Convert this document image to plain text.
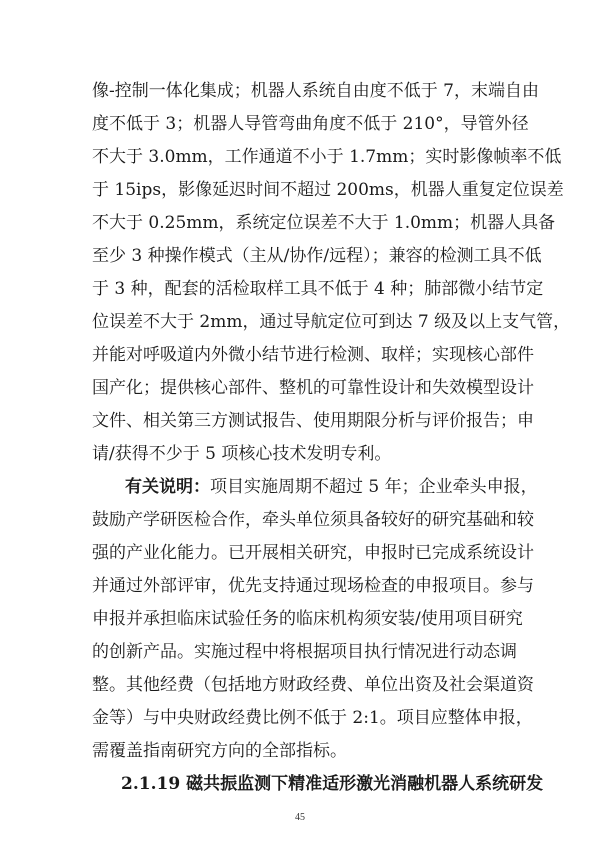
像-控制一体化集成；机器人系统自由度不低于 7，末端自由
度不低于 3；机器人导管弯曲角度不低于 210°，导管外径
不大于 3.0mm，工作通道不小于 1.7mm；实时影像帧率不低
于 15ips，影像延迟时间不超过 200ms，机器人重复定位误差
不大于 0.25mm，系统定位误差不大于 1.0mm；机器人具备
至少 3 种操作模式（主从/协作/远程）；兼容的检测工具不低
于 3 种，配套的活检取样工具不低于 4 种；肺部微小结节定
位误差不大于 2mm，通过导航定位可到达 7 级及以上支气管，
并能对呼吸道内外微小结节进行检测、取样；实现核心部件
国产化；提供核心部件、整机的可靠性设计和失效模型设计
文件、相关第三方测试报告、使用期限分析与评价报告；申
请/获得不少于 5 项核心技术发明专利。
有关说明：项目实施周期不超过 5 年；企业牵头申报，
鼓励产学研医检合作，牵头单位须具备较好的研究基础和较
强的产业化能力。已开展相关研究，申报时已完成系统设计
并通过外部评审，优先支持通过现场检查的申报项目。参与
申报并承担临床试验任务的临床机构须安装/使用项目研究
的创新产品。实施过程中将根据项目执行情况进行动态调
整。其他经费（包括地方财政经费、单位出资及社会渠道资
金等）与中央财政经费比例不低于 2:1。项目应整体申报，
需覆盖指南研究方向的全部指标。
2.1.19 磁共振监测下精准适形激光消融机器人系统研发
45
